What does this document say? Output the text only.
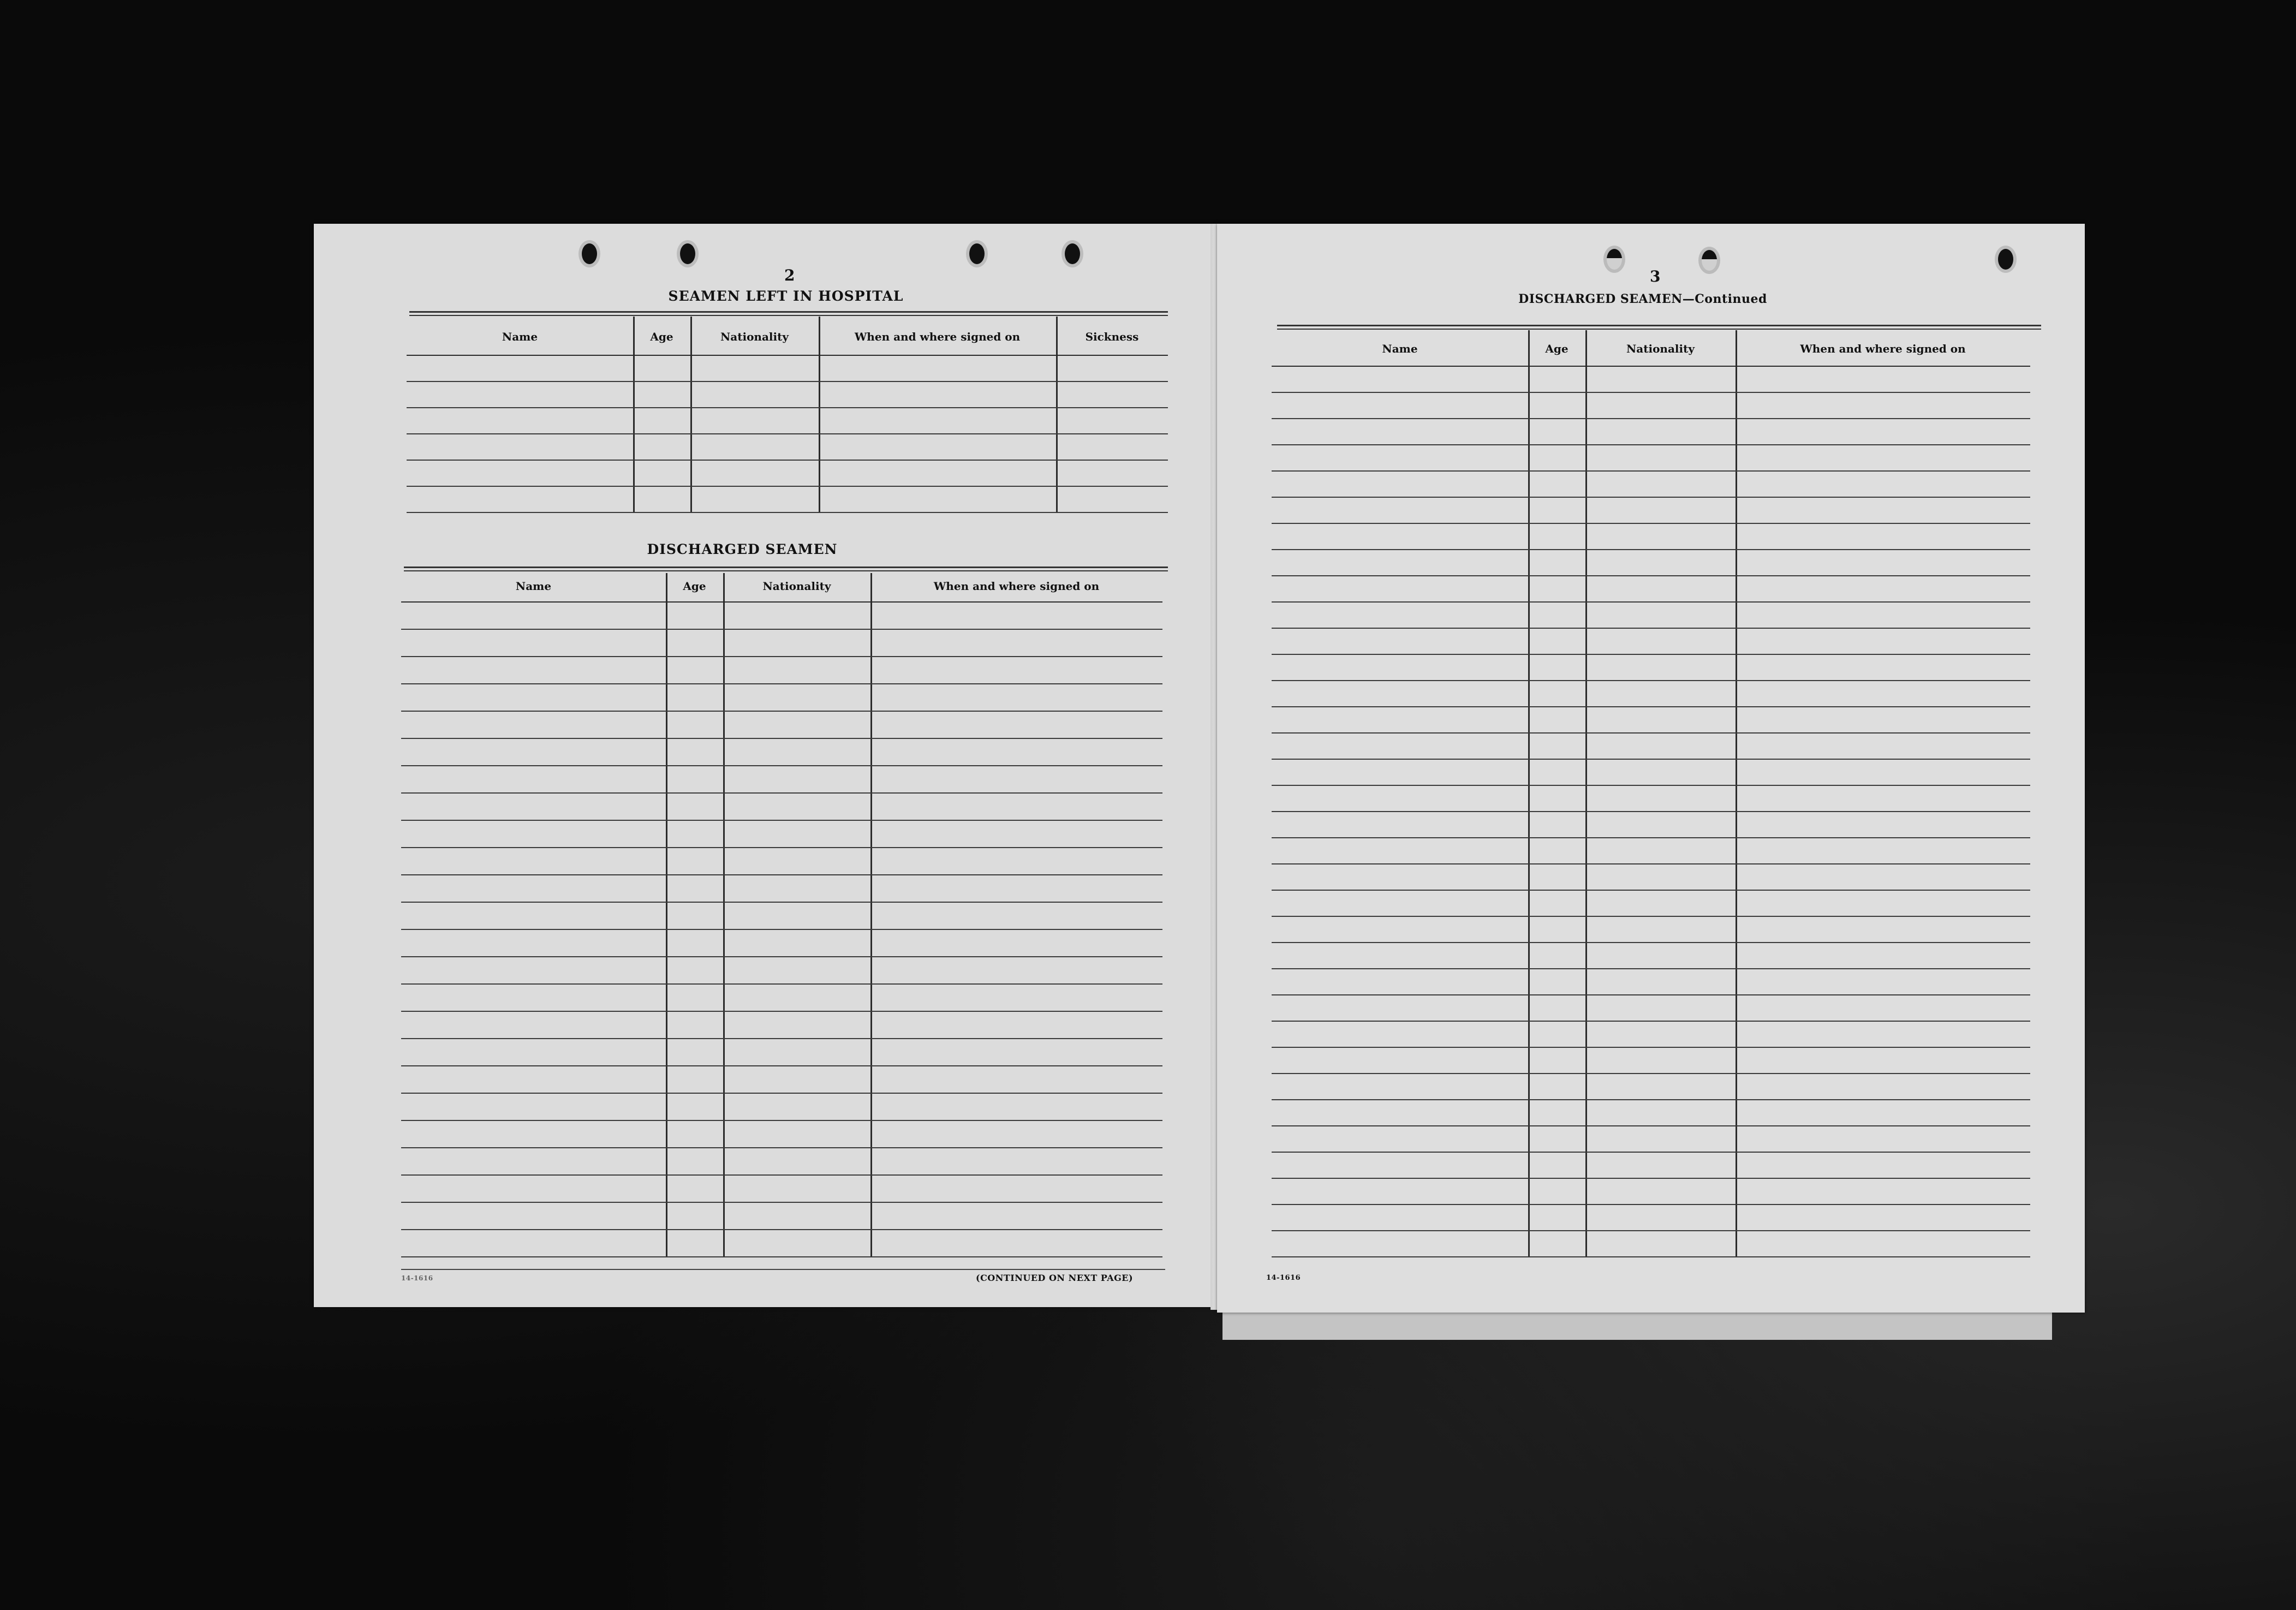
2
SEAMEN LEFT IN HOSPITAL
Name	Age	Nationality	When and where signed on	Sickness
DISCHARGED SEAMEN
Name	Age	Nationality	When and where signed on
14-1616	(CONTINUED ON NEXT PAGE)
3
DISCHARGED SEAMEN—Continued
Name	Age	Nationality	When and where signed on
14-1616
